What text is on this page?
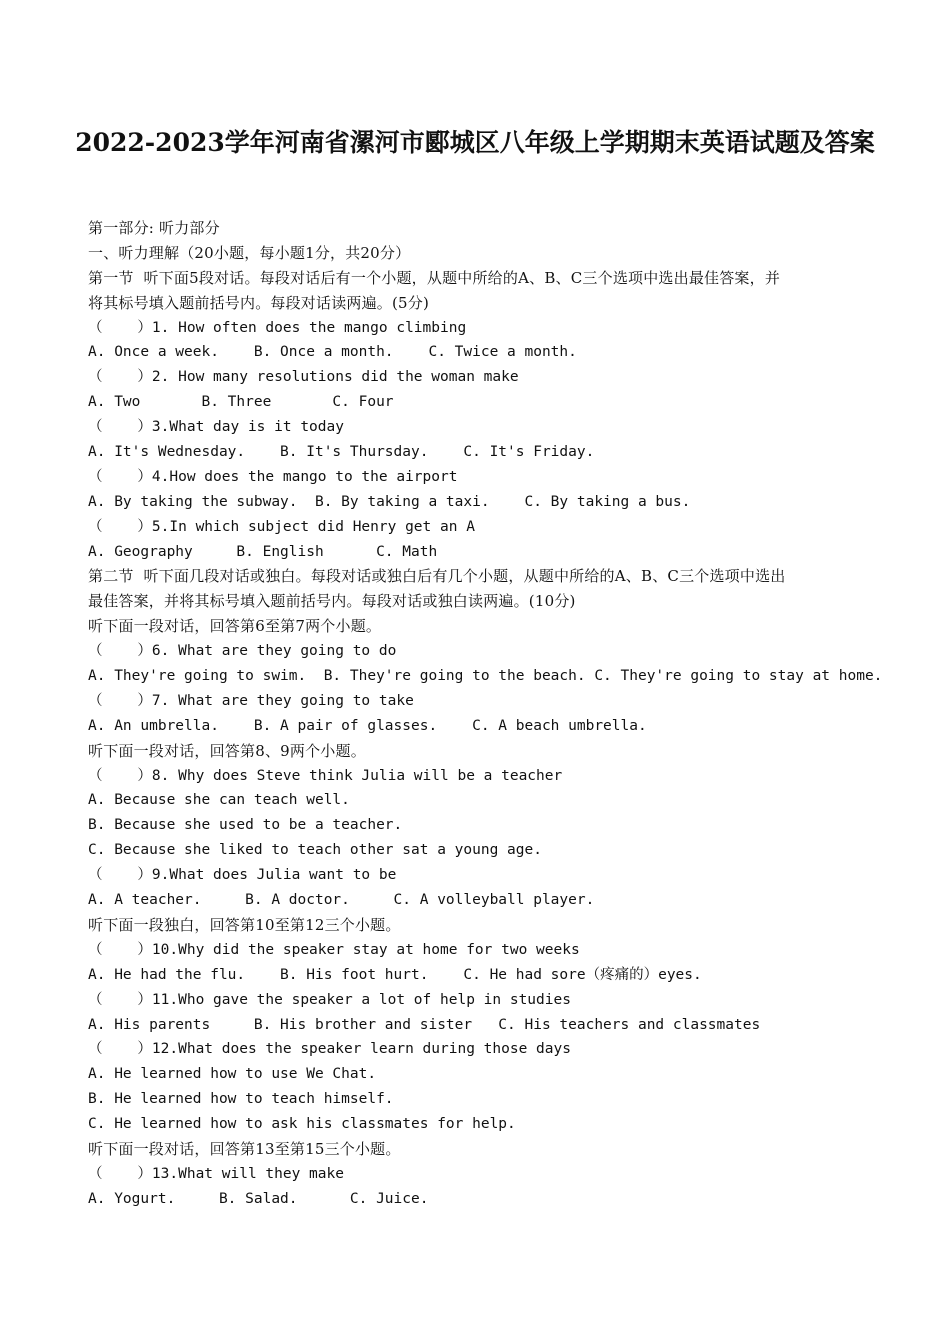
2022-2023学年河南省漯河市郾城区八年级上学期期末英语试题及答案
第一部分: 听力部分
一、听力理解（20小题，每小题1分，共20分）
第一节  听下面5段对话。每段对话后有一个小题，从题中所给的A、B、C三个选项中选出最佳答案，并
将其标号填入题前括号内。每段对话读两遍。(5分)
（    ）1. How often does the mango climbing
A. Once a week.    B. Once a month.    C. Twice a month.
（    ）2. How many resolutions did the woman make
A. Two       B. Three       C. Four
（    ）3.What day is it today
A. It's Wednesday.    B. It's Thursday.    C. It's Friday.
（    ）4.How does the mango to the airport
A. By taking the subway.  B. By taking a taxi.    C. By taking a bus.
（    ）5.In which subject did Henry get an A
A. Geography     B. English      C. Math
第二节  听下面几段对话或独白。每段对话或独白后有几个小题，从题中所给的A、B、C三个选项中选出
最佳答案，并将其标号填入题前括号内。每段对话或独白读两遍。(10分)
听下面一段对话，回答第6至第7两个小题。
（    ）6. What are they going to do
A. They're going to swim.  B. They're going to the beach. C. They're going to stay at home.
（    ）7. What are they going to take
A. An umbrella.    B. A pair of glasses.    C. A beach umbrella.
听下面一段对话，回答第8、9两个小题。
（    ）8. Why does Steve think Julia will be a teacher
A. Because she can teach well.
B. Because she used to be a teacher.
C. Because she liked to teach other sat a young age.
（    ）9.What does Julia want to be
A. A teacher.     B. A doctor.     C. A volleyball player.
听下面一段独白，回答第10至第12三个小题。
（    ）10.Why did the speaker stay at home for two weeks
A. He had the flu.    B. His foot hurt.    C. He had sore（疼痛的）eyes.
（    ）11.Who gave the speaker a lot of help in studies
A. His parents     B. His brother and sister   C. His teachers and classmates
（    ）12.What does the speaker learn during those days
A. He learned how to use We Chat.
B. He learned how to teach himself.
C. He learned how to ask his classmates for help.
听下面一段对话，回答第13至第15三个小题。
（    ）13.What will they make
A. Yogurt.     B. Salad.      C. Juice.
